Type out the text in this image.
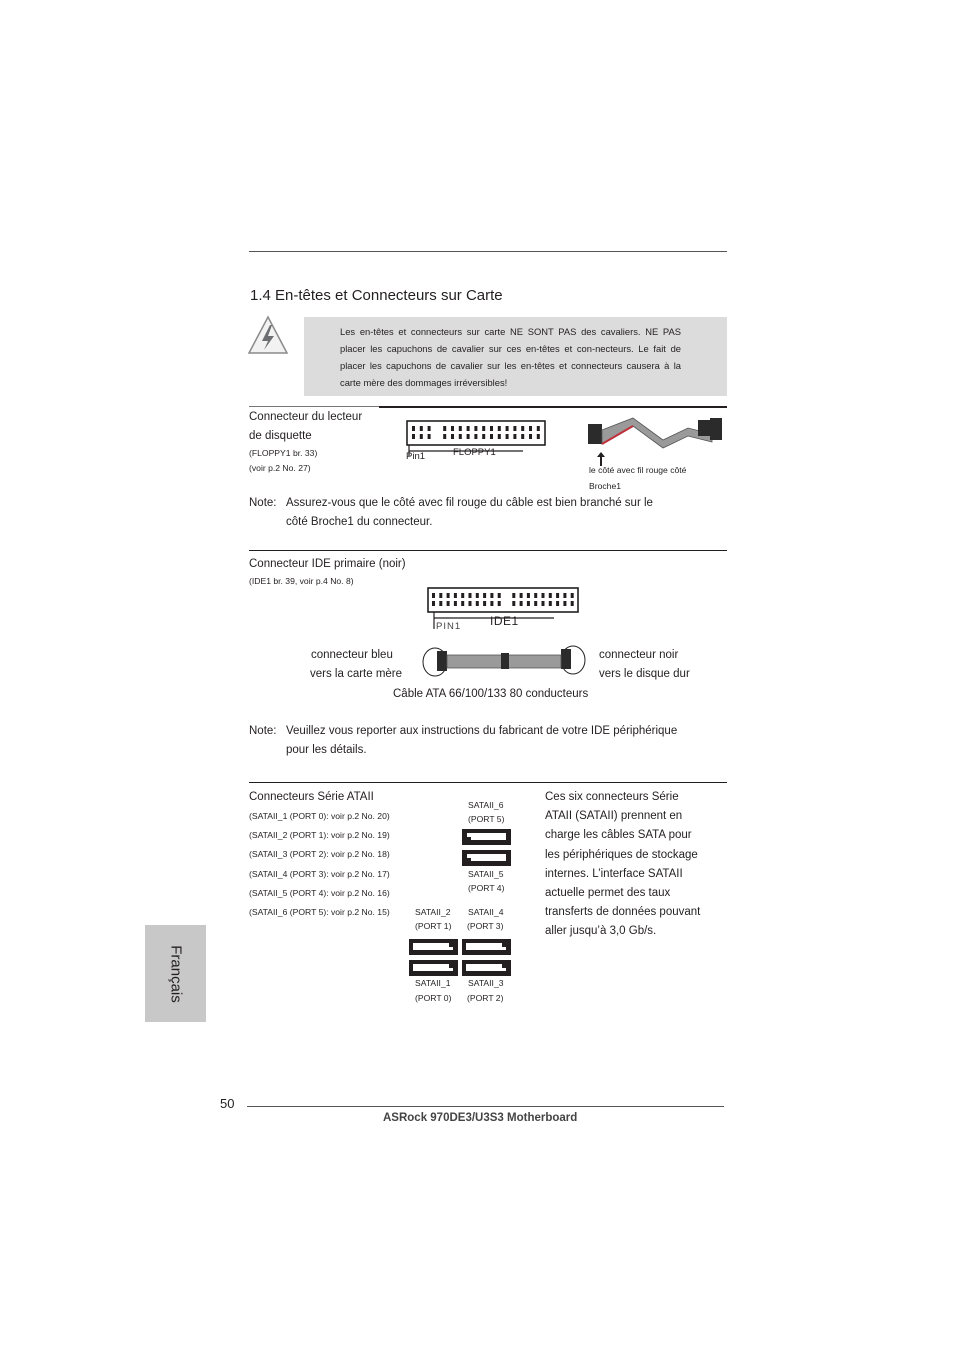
1.4 En-têtes et Connecteurs sur Carte

Les en-têtes et connecteurs sur carte NE SONT PAS des cavaliers. NE PAS placer les capuchons de cavalier sur ces en-têtes et con-necteurs. Le fait de placer les capuchons de cavalier sur les en-têtes et connecteurs causera à la carte mère des dommages irréversibles!

Connecteur du lecteur
de disquette
(FLOPPY1 br. 33)
(voir p.2 No. 27)
Pin1	FLOPPY1
le côté avec fil rouge côté
Broche1
Note: Assurez-vous que le côté avec fil rouge du câble est bien branché sur le
côté Broche1 du connecteur.
Connecteur IDE primaire (noir)
(IDE1 br. 39, voir p.4 No. 8)
PIN1 IDE1
connecteur bleu
vers la carte mère
connecteur noir
vers le disque dur
Câble ATA 66/100/133 80 conducteurs
Note: Veuillez vous reporter aux instructions du fabricant de votre IDE périphérique
pour les détails.
Connecteurs Série ATAII
(SATAII_1 (PORT 0): voir p.2 No. 20)
(SATAII_2 (PORT 1): voir p.2 No. 19)
(SATAII_3 (PORT 2): voir p.2 No. 18)
(SATAII_4 (PORT 3): voir p.2 No. 17)
(SATAII_5 (PORT 4): voir p.2 No. 16)
(SATAII_6 (PORT 5): voir p.2 No. 15)
SATAII_6
(PORT 5)
SATAII_5
(PORT 4)
SATAII_2
(PORT 1)
SATAII_4
(PORT 3)
SATAII_1
(PORT 0)
SATAII_3
(PORT 2)
Ces six connecteurs Série
ATAII (SATAII) prennent en
charge les câbles SATA pour
les périphériques de stockage
internes. L’interface SATAII
actuelle permet des taux
transferts de données pouvant
aller jusqu’à 3,0 Gb/s.
Français
50
ASRock 970DE3/U3S3 Motherboard
